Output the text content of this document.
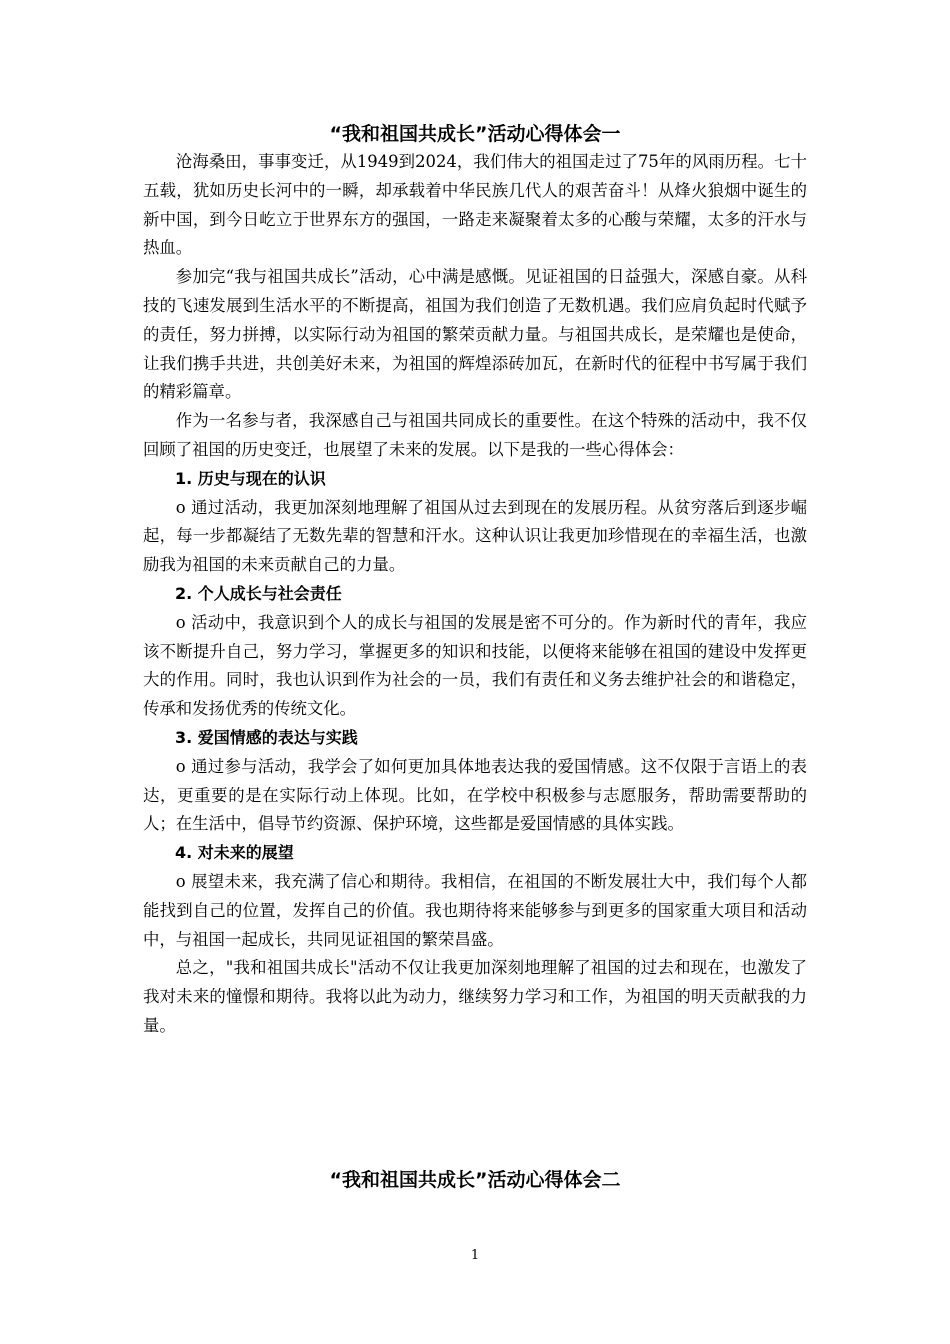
“我和祖国共成长”活动心得体会一

沧海桑田，事事变迁，从1949到2024，我们伟大的祖国走过了75年的风雨历程。七十五载，犹如历史长河中的一瞬，却承载着中华民族几代人的艰苦奋斗！从烽火狼烟中诞生的新中国，到今日屹立于世界东方的强国，一路走来凝聚着太多的心酸与荣耀，太多的汗水与热血。

参加完“我与祖国共成长”活动，心中满是感慨。见证祖国的日益强大，深感自豪。从科技的飞速发展到生活水平的不断提高，祖国为我们创造了无数机遇。我们应肩负起时代赋予的责任，努力拼搏，以实际行动为祖国的繁荣贡献力量。与祖国共成长，是荣耀也是使命，让我们携手共进，共创美好未来，为祖国的辉煌添砖加瓦，在新时代的征程中书写属于我们的精彩篇章。

作为一名参与者，我深感自己与祖国共同成长的重要性。在这个特殊的活动中，我不仅回顾了祖国的历史变迁，也展望了未来的发展。以下是我的一些心得体会：

1. 历史与现在的认识

o 通过活动，我更加深刻地理解了祖国从过去到现在的发展历程。从贫穷落后到逐步崛起，每一步都凝结了无数先辈的智慧和汗水。这种认识让我更加珍惜现在的幸福生活，也激励我为祖国的未来贡献自己的力量。

2. 个人成长与社会责任

o 活动中，我意识到个人的成长与祖国的发展是密不可分的。作为新时代的青年，我应该不断提升自己，努力学习，掌握更多的知识和技能，以便将来能够在祖国的建设中发挥更大的作用。同时，我也认识到作为社会的一员，我们有责任和义务去维护社会的和谐稳定，传承和发扬优秀的传统文化。

3. 爱国情感的表达与实践

o 通过参与活动，我学会了如何更加具体地表达我的爱国情感。这不仅限于言语上的表达，更重要的是在实际行动上体现。比如，在学校中积极参与志愿服务，帮助需要帮助的人；在生活中，倡导节约资源、保护环境，这些都是爱国情感的具体实践。

4. 对未来的展望

o 展望未来，我充满了信心和期待。我相信，在祖国的不断发展壮大中，我们每个人都能找到自己的位置，发挥自己的价值。我也期待将来能够参与到更多的国家重大项目和活动中，与祖国一起成长，共同见证祖国的繁荣昌盛。

总之，"我和祖国共成长"活动不仅让我更加深刻地理解了祖国的过去和现在，也激发了我对未来的憧憬和期待。我将以此为动力，继续努力学习和工作，为祖国的明天贡献我的力量。

“我和祖国共成长”活动心得体会二
1
